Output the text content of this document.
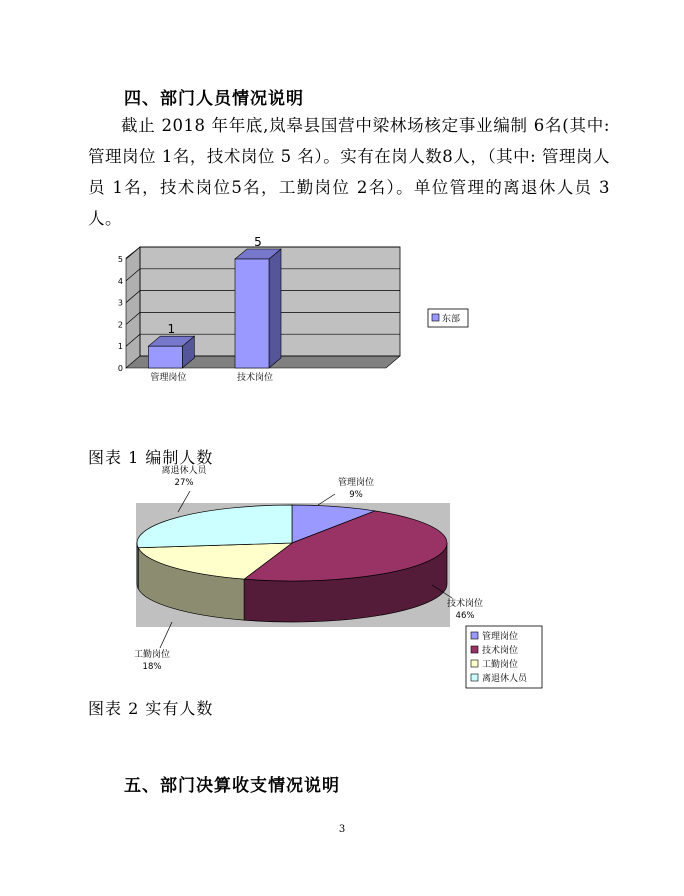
四、部门人员情况说明
截止 2018 年年底,岚皋县国营中梁林场核定事业编制 6名(其中: 管理岗位 1名，技术岗位 5 名）。实有在岗人数8人，（其中: 管理岗人员 1名，技术岗位5名，工勤岗位 2名）。单位管理的离退休人员 3人。
0
1
2
3
4
5
1
5
管理岗位	技术岗位
东部
管理岗位
9%
技术岗位
46%
工勤岗位
18%
离退休人员
27%
管理岗位
技术岗位
工勤岗位
离退休人员
图表 1 编制人数
图表 2 实有人数
五、部门决算收支情况说明
3
